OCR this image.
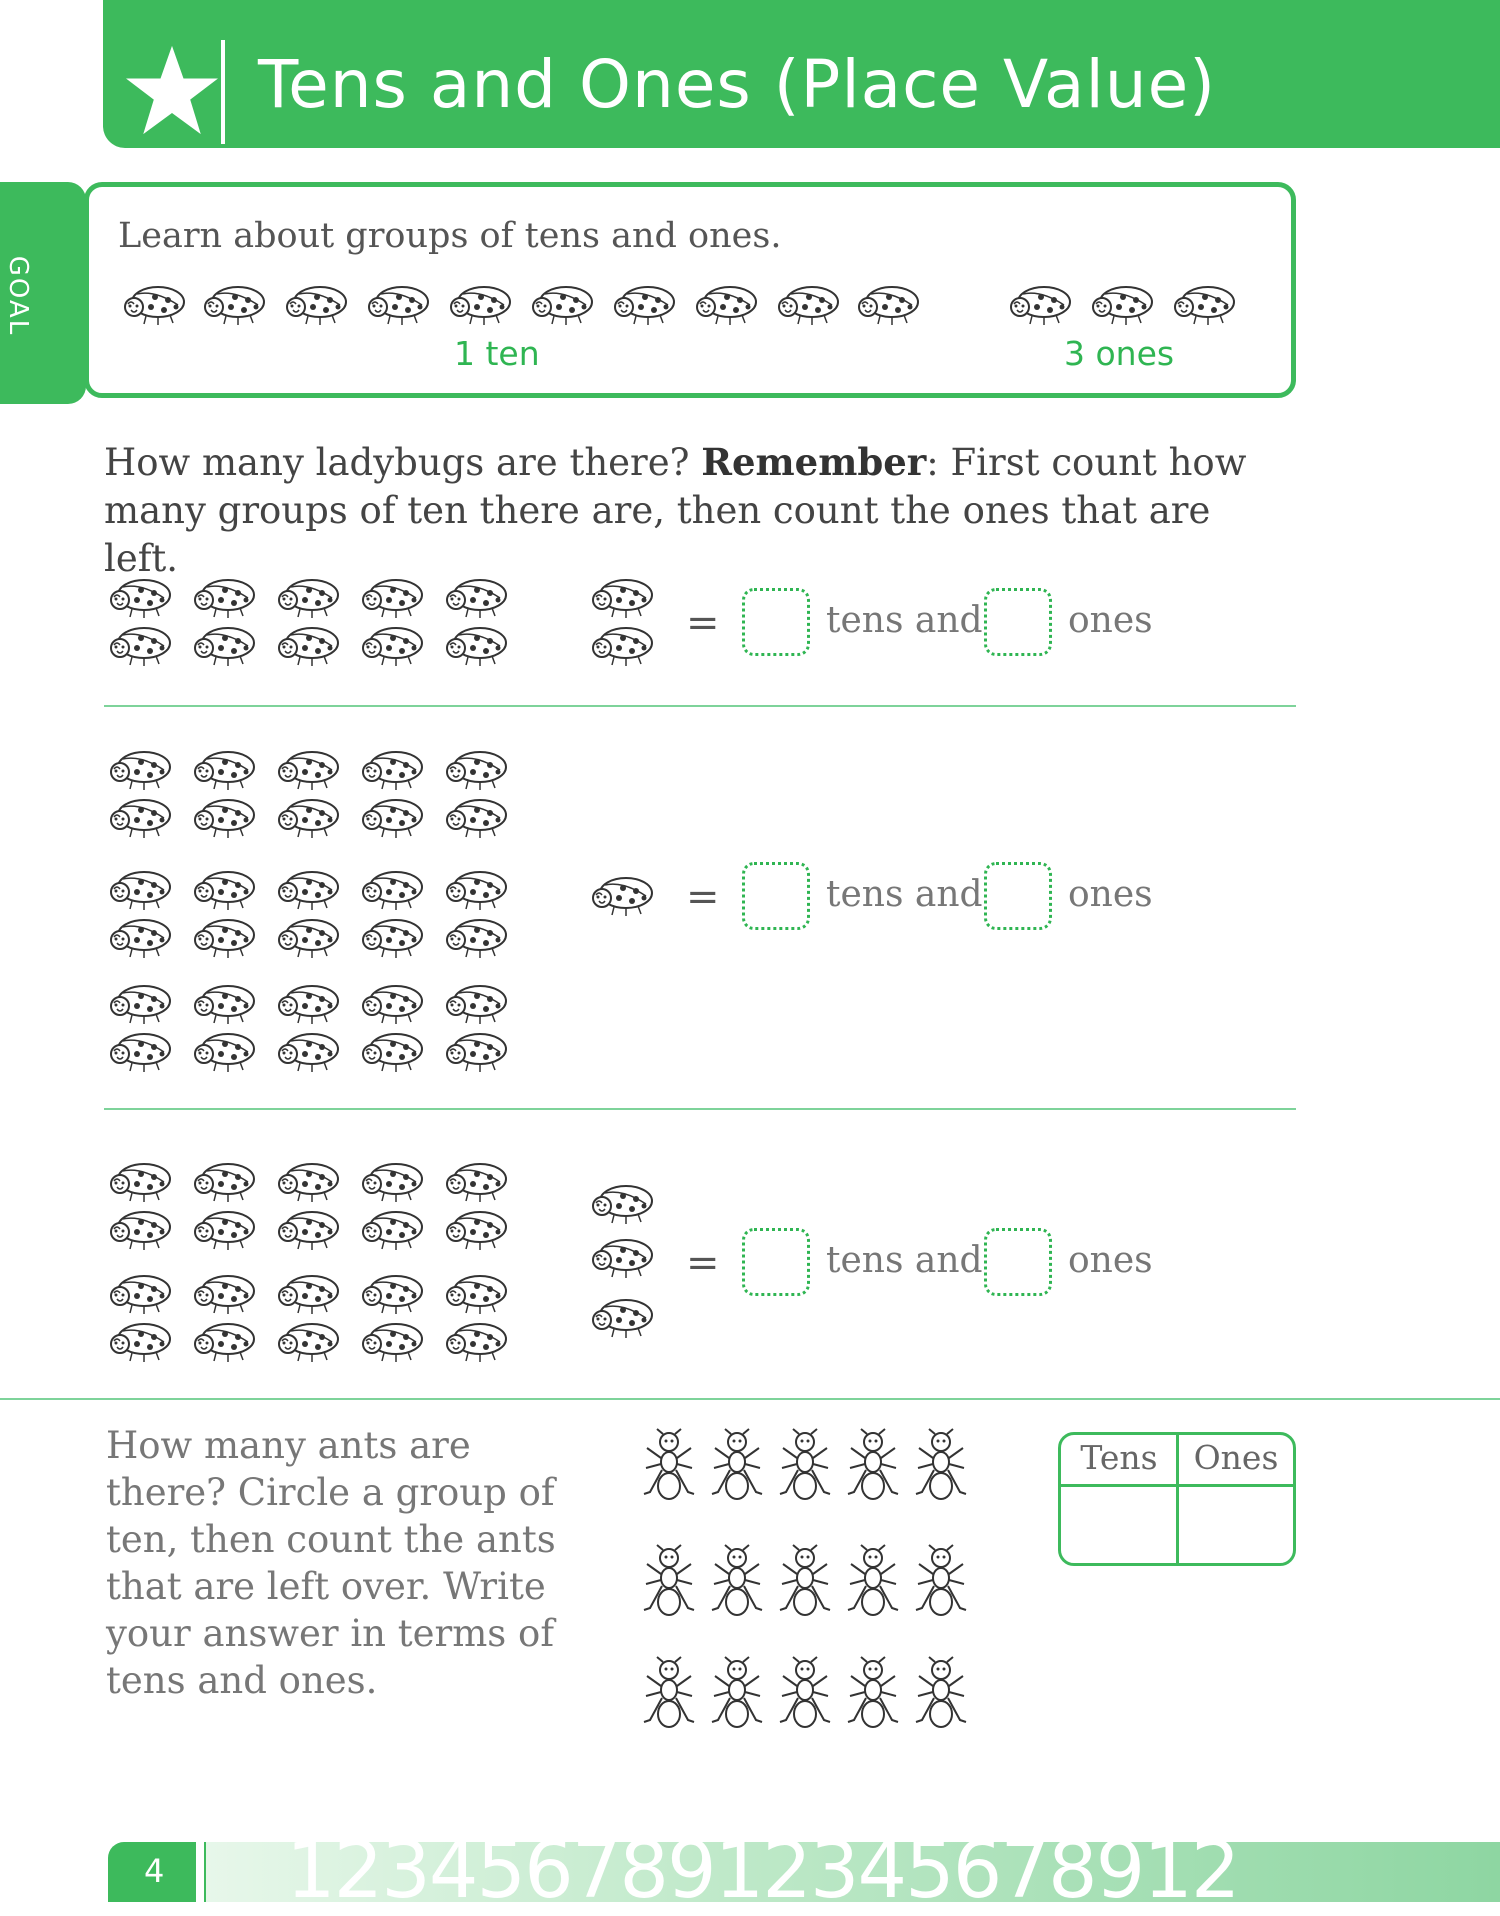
Tens and Ones (Place Value)
GOAL
Learn about groups of tens and ones.
1 ten	3 ones
How many ladybugs are there? Remember: First count how many groups of ten there are, then count the ones that are left.
=	tens and ones
=	tens and ones
=	tens and ones
How many ants are there? Circle a group of ten, then count the ants that are left over. Write your answer in terms of tens and ones.
Tens	Ones
4 12345678912345678912
